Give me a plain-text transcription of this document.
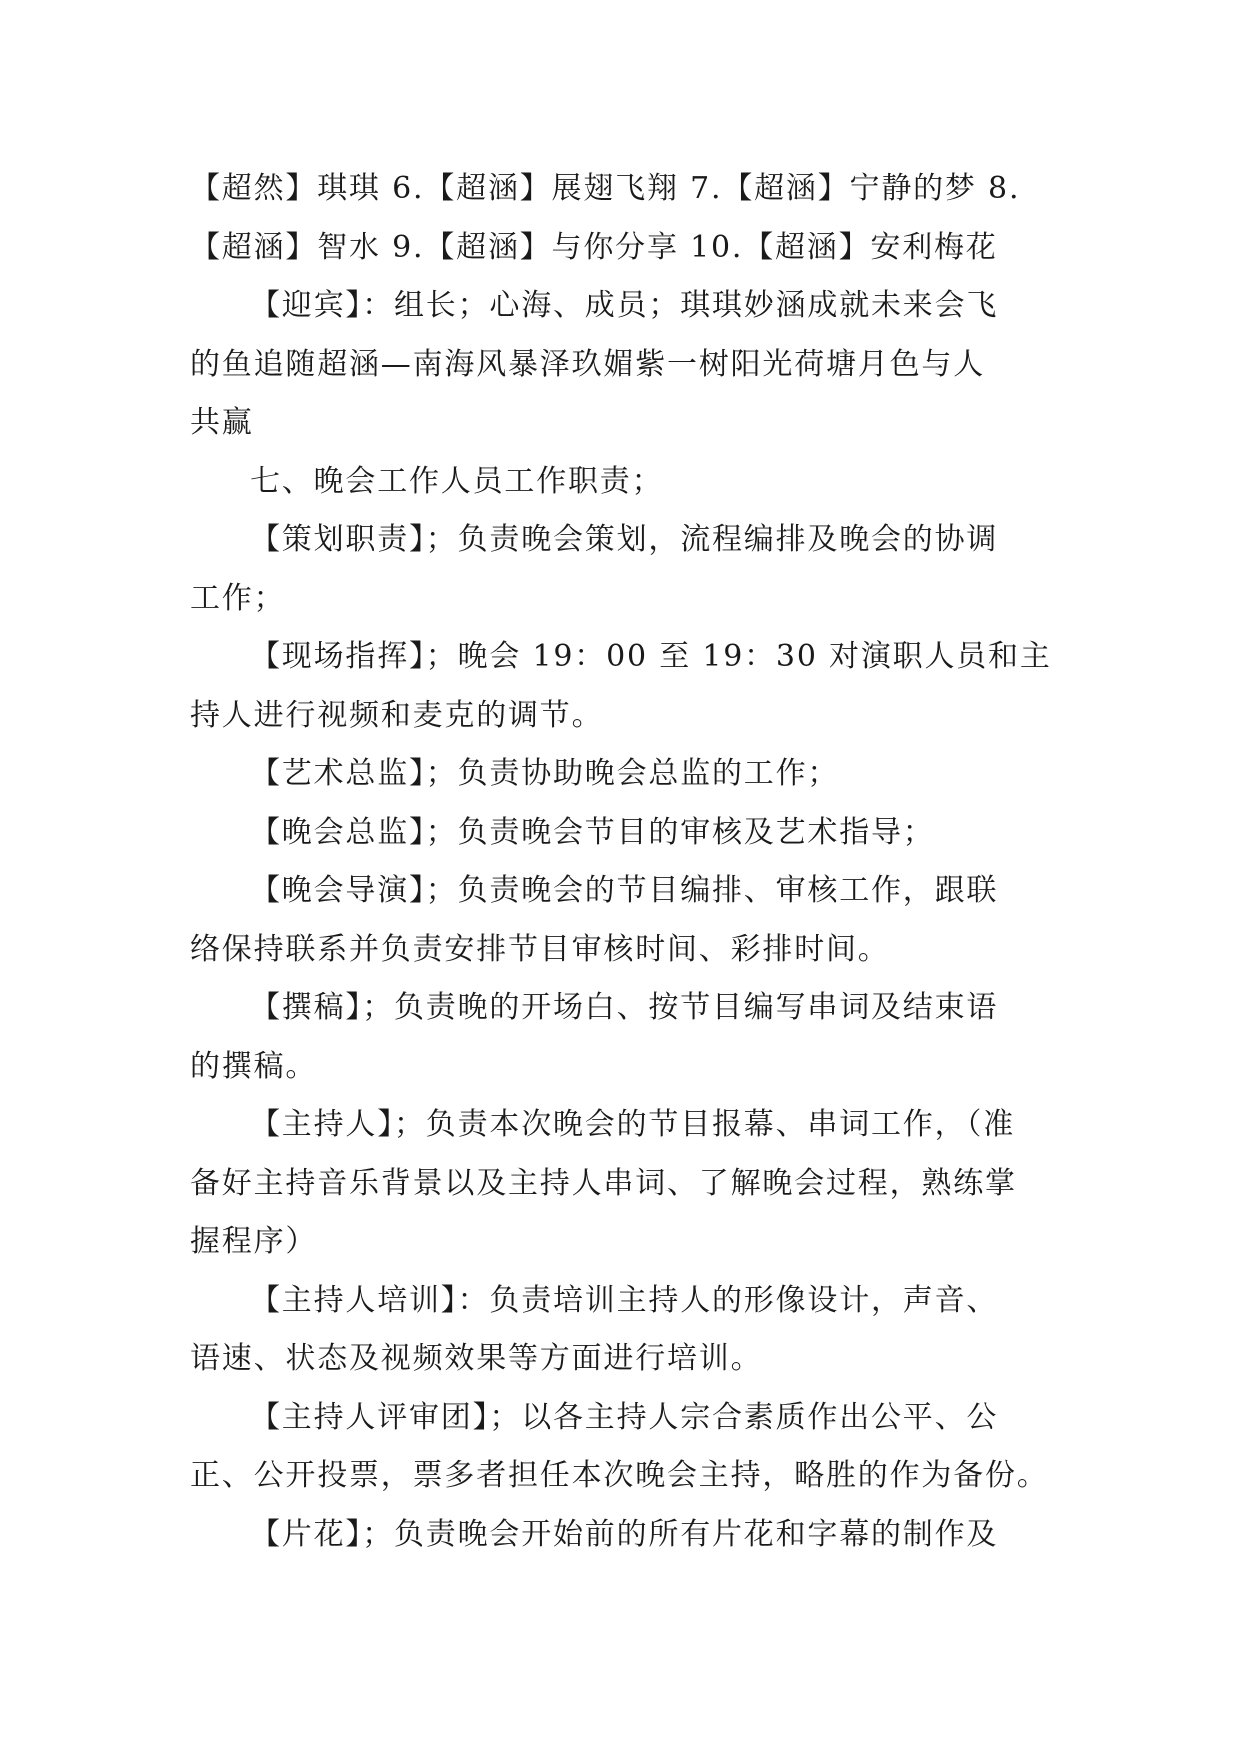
【超然】琪琪 6.【超涵】展翅飞翔 7.【超涵】宁静的梦 8.
【超涵】智水 9.【超涵】与你分享 10.【超涵】安利梅花
【迎宾】：组长；心海、成员；琪琪妙涵成就未来会飞
的鱼追随超涵—南海风暴泽玖媚紫一树阳光荷塘月色与人
共赢
七、晚会工作人员工作职责；
【策划职责】；负责晚会策划，流程编排及晚会的协调
工作；
【现场指挥】；晚会 19：00 至 19：30 对演职人员和主
持人进行视频和麦克的调节。
【艺术总监】；负责协助晚会总监的工作；
【晚会总监】；负责晚会节目的审核及艺术指导；
【晚会导演】；负责晚会的节目编排、审核工作，跟联
络保持联系并负责安排节目审核时间、彩排时间。
【撰稿】；负责晚的开场白、按节目编写串词及结束语
的撰稿。
【主持人】；负责本次晚会的节目报幕、串词工作，（准
备好主持音乐背景以及主持人串词、了解晚会过程，熟练掌
握程序）
【主持人培训】：负责培训主持人的形像设计，声音、
语速、状态及视频效果等方面进行培训。
【主持人评审团】；以各主持人宗合素质作出公平、公
正、公开投票，票多者担任本次晚会主持，略胜的作为备份。
【片花】；负责晚会开始前的所有片花和字幕的制作及
